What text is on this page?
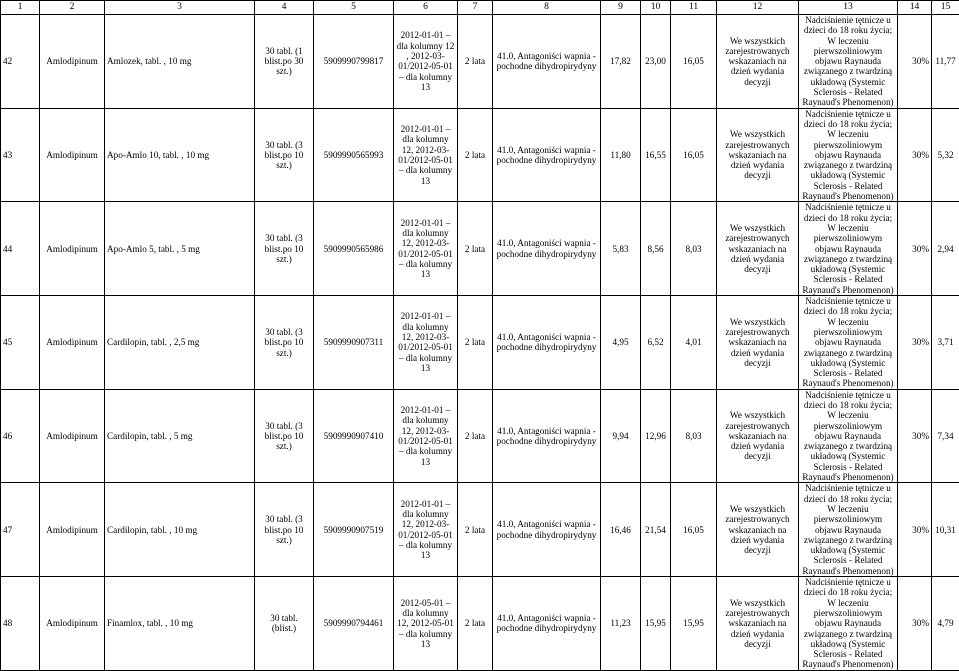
1	2	3	4	5	6	7	8	9	10	11	12	13	14	15
42	Amlodipinum	Amlozek, tabl. , 10 mg	30 tabl. (1 blist.po 30 szt.)	5909990799817	2012-01-01 – dla kolumny 12 , 2012-03-01/2012-05-01 – dla kolumny 13	2 lata	41.0, Antagoniści wapnia - pochodne dihydropirydyny	17,82	23,00	16,05	We wszystkich zarejestrowanych wskazaniach na dzień wydania decyzji	Nadciśnienie tętnicze u dzieci do 18 roku życia; W leczeniu pierwszoliniowym objawu Raynauda związanego z twardziną układową (Systemic Sclerosis - Related Raynaud's Phenomenon)	30%	11,77
43	Amlodipinum	Apo-Amlo 10, tabl. , 10 mg	30 tabl. (3 blist.po 10 szt.)	5909990565993	2012-01-01 – dla kolumny 12, 2012-03-01/2012-05-01 – dla kolumny 13	2 lata	41.0, Antagoniści wapnia - pochodne dihydropirydyny	11,80	16,55	16,05	We wszystkich zarejestrowanych wskazaniach na dzień wydania decyzji	Nadciśnienie tętnicze u dzieci do 18 roku życia; W leczeniu pierwszoliniowym objawu Raynauda związanego z twardziną układową (Systemic Sclerosis - Related Raynaud's Phenomenon)	30%	5,32
44	Amlodipinum	Apo-Amlo 5, tabl. , 5 mg	30 tabl. (3 blist.po 10 szt.)	5909990565986	2012-01-01 – dla kolumny 12, 2012-03-01/2012-05-01 – dla kolumny 13	2 lata	41.0, Antagoniści wapnia - pochodne dihydropirydyny	5,83	8,56	8,03	We wszystkich zarejestrowanych wskazaniach na dzień wydania decyzji	Nadciśnienie tętnicze u dzieci do 18 roku życia; W leczeniu pierwszoliniowym objawu Raynauda związanego z twardziną układową (Systemic Sclerosis - Related Raynaud's Phenomenon)	30%	2,94
45	Amlodipinum	Cardilopin, tabl. , 2,5 mg	30 tabl. (3 blist.po 10 szt.)	5909990907311	2012-01-01 – dla kolumny 12, 2012-03-01/2012-05-01 – dla kolumny 13	2 lata	41.0, Antagoniści wapnia - pochodne dihydropirydyny	4,95	6,52	4,01	We wszystkich zarejestrowanych wskazaniach na dzień wydania decyzji	Nadciśnienie tętnicze u dzieci do 18 roku życia; W leczeniu pierwszoliniowym objawu Raynauda związanego z twardziną układową (Systemic Sclerosis - Related Raynaud's Phenomenon)	30%	3,71
46	Amlodipinum	Cardilopin, tabl. , 5 mg	30 tabl. (3 blist.po 10 szt.)	5909990907410	2012-01-01 – dla kolumny 12, 2012-03-01/2012-05-01 – dla kolumny 13	2 lata	41.0, Antagoniści wapnia - pochodne dihydropirydyny	9,94	12,96	8,03	We wszystkich zarejestrowanych wskazaniach na dzień wydania decyzji	Nadciśnienie tętnicze u dzieci do 18 roku życia; W leczeniu pierwszoliniowym objawu Raynauda związanego z twardziną układową (Systemic Sclerosis - Related Raynaud's Phenomenon)	30%	7,34
47	Amlodipinum	Cardilopin, tabl. , 10 mg	30 tabl. (3 blist.po 10 szt.)	5909990907519	2012-01-01 – dla kolumny 12, 2012-03-01/2012-05-01 – dla kolumny 13	2 lata	41.0, Antagoniści wapnia - pochodne dihydropirydyny	16,46	21,54	16,05	We wszystkich zarejestrowanych wskazaniach na dzień wydania decyzji	Nadciśnienie tętnicze u dzieci do 18 roku życia; W leczeniu pierwszoliniowym objawu Raynauda związanego z twardziną układową (Systemic Sclerosis - Related Raynaud's Phenomenon)	30%	10,31
48	Amlodipinum	Finamlox, tabl. , 10 mg	30 tabl. (blist.)	5909990794461	2012-05-01 – dla kolumny 12, 2012-05-01 – dla kolumny 13	2 lata	41.0, Antagoniści wapnia - pochodne dihydropirydyny	11,23	15,95	15,95	We wszystkich zarejestrowanych wskazaniach na dzień wydania decyzji	Nadciśnienie tętnicze u dzieci do 18 roku życia; W leczeniu pierwszoliniowym objawu Raynauda związanego z twardziną układową (Systemic Sclerosis - Related Raynaud's Phenomenon)	30%	4,79
